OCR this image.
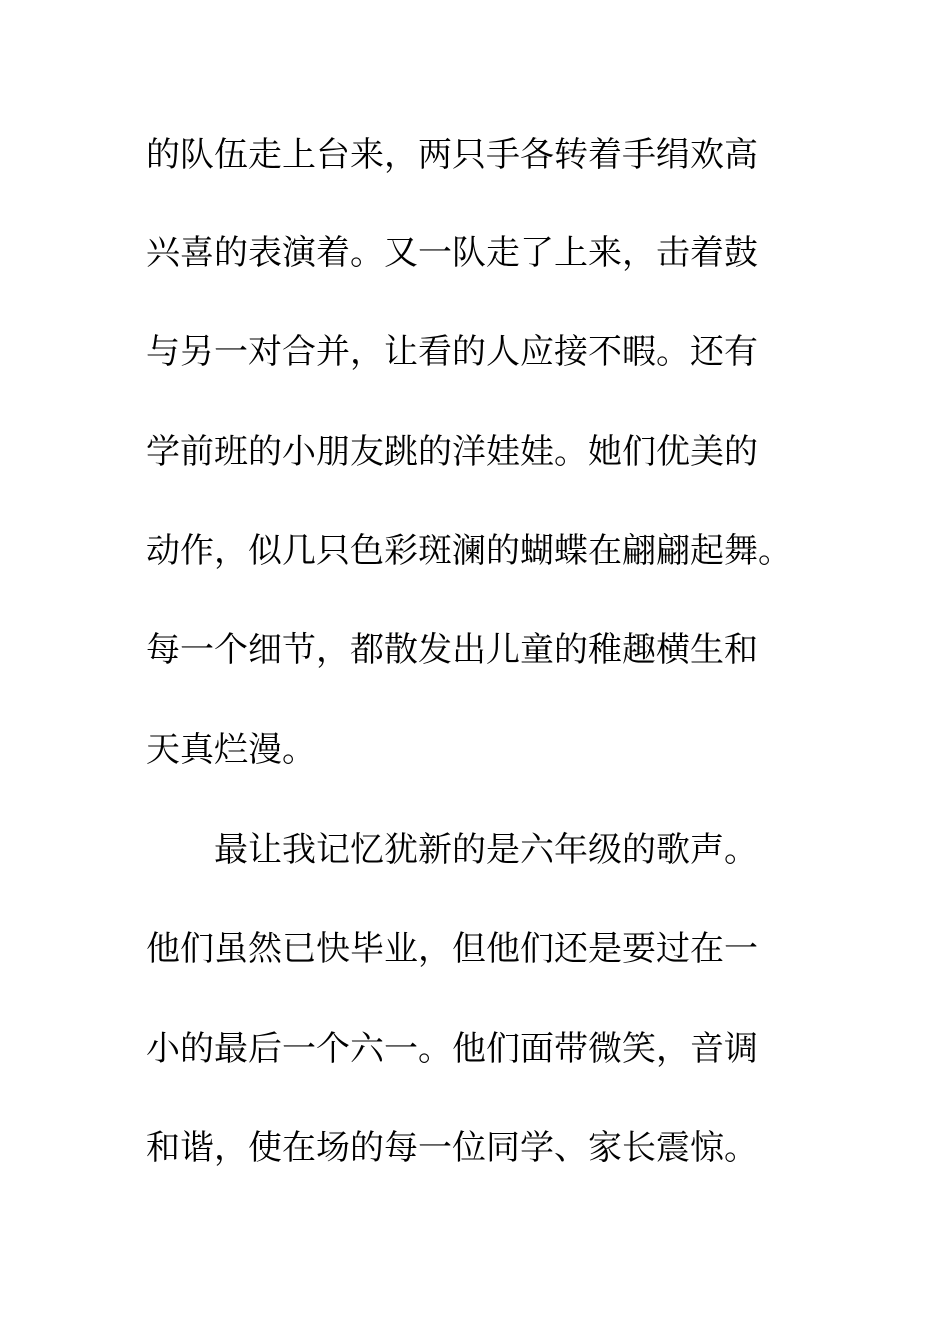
的队伍走上台来，两只手各转着手绢欢高
兴喜的表演着。又一队走了上来，击着鼓
与另一对合并，让看的人应接不暇。还有
学前班的小朋友跳的洋娃娃。她们优美的
动作，似几只色彩斑澜的蝴蝶在翩翩起舞。
每一个细节，都散发出儿童的稚趣横生和
天真烂漫。
最让我记忆犹新的是六年级的歌声。
他们虽然已快毕业，但他们还是要过在一
小的最后一个六一。他们面带微笑，音调
和谐，使在场的每一位同学、家长震惊。
